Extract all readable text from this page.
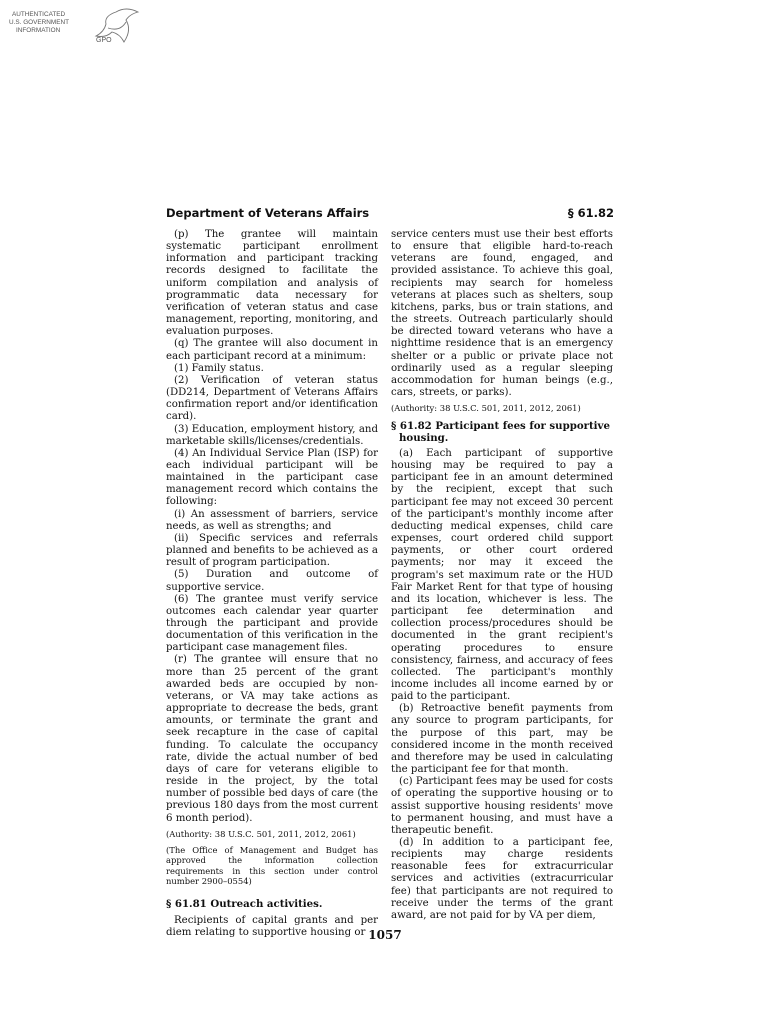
AUTHENTICATED
U.S. GOVERNMENT
INFORMATION
GPO
Department of Veterans Affairs	§ 61.82

(p) The grantee will maintain systematic participant enrollment information and participant tracking records designed to facilitate the uniform compilation and analysis of programmatic data necessary for verification of veteran status and case management, reporting, monitoring, and evaluation purposes.

(q) The grantee will also document in each participant record at a minimum:

(1) Family status.

(2) Verification of veteran status (DD214, Department of Veterans Affairs confirmation report and/or identification card).

(3) Education, employment history, and marketable skills/licenses/credentials.

(4) An Individual Service Plan (ISP) for each individual participant will be maintained in the participant case management record which contains the following:

(i) An assessment of barriers, service needs, as well as strengths; and

(ii) Specific services and referrals planned and benefits to be achieved as a result of program participation.

(5) Duration and outcome of supportive service.

(6) The grantee must verify service outcomes each calendar year quarter through the participant and provide documentation of this verification in the participant case management files.

(r) The grantee will ensure that no more than 25 percent of the grant awarded beds are occupied by non-veterans, or VA may take actions as appropriate to decrease the beds, grant amounts, or terminate the grant and seek recapture in the case of capital funding. To calculate the occupancy rate, divide the actual number of bed days of care for veterans eligible to reside in the project, by the total number of possible bed days of care (the previous 180 days from the most current 6 month period).

(Authority: 38 U.S.C. 501, 2011, 2012, 2061)

(The Office of Management and Budget has approved the information collection requirements in this section under control number 2900–0554)

§ 61.81 Outreach activities.

Recipients of capital grants and per diem relating to supportive housing or

service centers must use their best efforts to ensure that eligible hard-to-reach veterans are found, engaged, and provided assistance. To achieve this goal, recipients may search for homeless veterans at places such as shelters, soup kitchens, parks, bus or train stations, and the streets. Outreach particularly should be directed toward veterans who have a nighttime residence that is an emergency shelter or a public or private place not ordinarily used as a regular sleeping accommodation for human beings (e.g., cars, streets, or parks).

(Authority: 38 U.S.C. 501, 2011, 2012, 2061)

§ 61.82 Participant fees for supportive housing.

(a) Each participant of supportive housing may be required to pay a participant fee in an amount determined by the recipient, except that such participant fee may not exceed 30 percent of the participant's monthly income after deducting medical expenses, child care expenses, court ordered child support payments, or other court ordered payments; nor may it exceed the program's set maximum rate or the HUD Fair Market Rent for that type of housing and its location, whichever is less. The participant fee determination and collection process/procedures should be documented in the grant recipient's operating procedures to ensure consistency, fairness, and accuracy of fees collected. The participant's monthly income includes all income earned by or paid to the participant.

(b) Retroactive benefit payments from any source to program participants, for the purpose of this part, may be considered income in the month received and therefore may be used in calculating the participant fee for that month.

(c) Participant fees may be used for costs of operating the supportive housing or to assist supportive housing residents' move to permanent housing, and must have a therapeutic benefit.

(d) In addition to a participant fee, recipients may charge residents reasonable fees for extracurricular services and activities (extracurricular fee) that participants are not required to receive under the terms of the grant award, are not paid for by VA per diem,

1057
